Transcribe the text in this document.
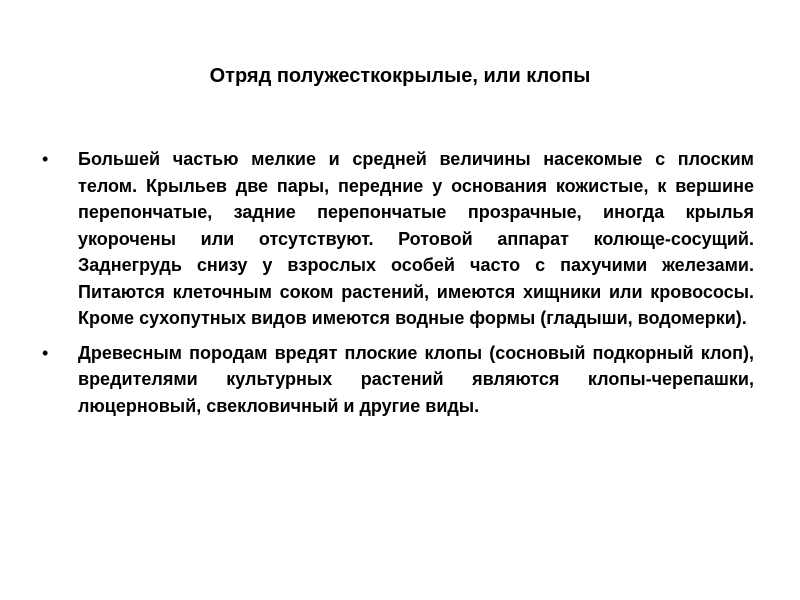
Отряд полужесткокрылые, или клопы
• Большей частью мелкие и средней величины насекомые с плоским телом. Крыльев две пары, передние у основания кожистые, к вершине перепончатые, задние перепончатые прозрачные, иногда крылья укорочены или отсутствуют. Ротовой аппарат колюще-сосущий. Заднегрудь снизу у взрослых особей часто с пахучими железами. Питаются клеточным соком растений, имеются хищники или кровососы. Кроме сухопутных видов имеются водные формы (гладыши, водомерки).
• Древесным породам вредят плоские клопы (сосновый подкорный клоп), вредителями культурных растений являются клопы-черепашки, люцерновый, свекловичный и другие виды.
